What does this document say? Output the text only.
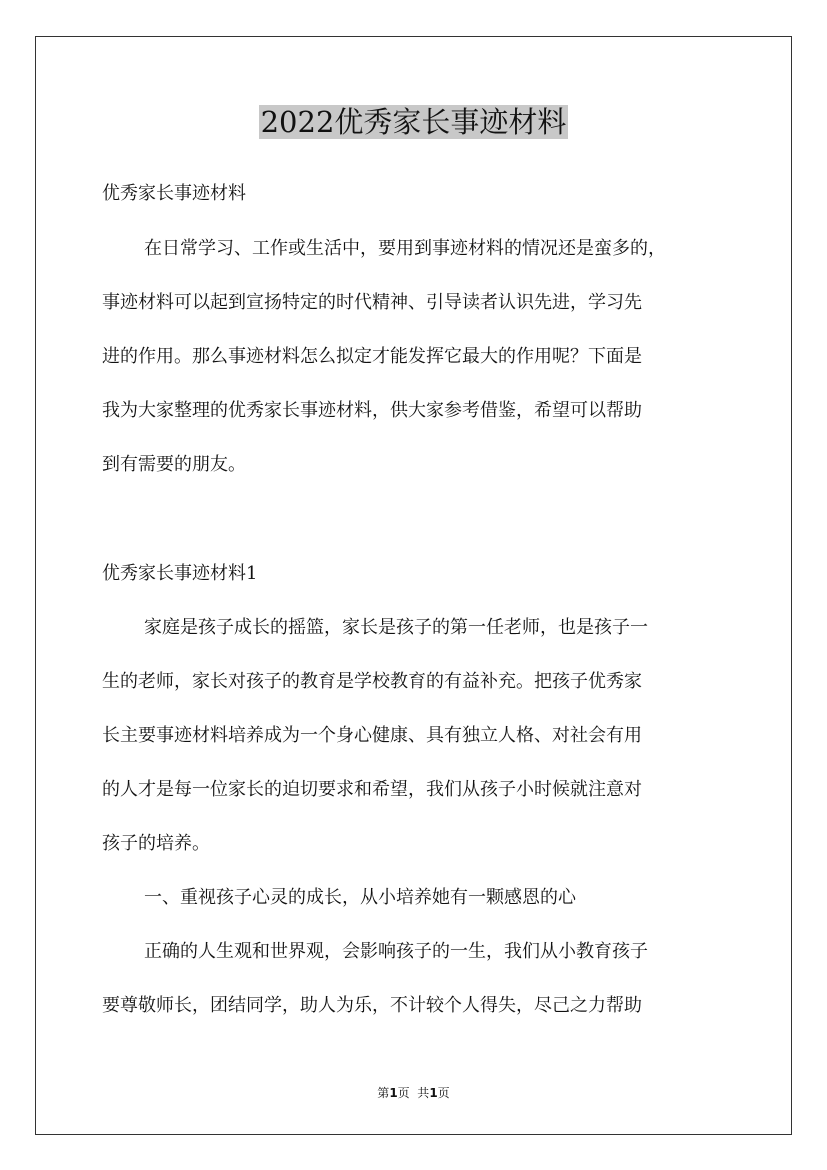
2022优秀家长事迹材料

优秀家长事迹材料

在日常学习、工作或生活中，要用到事迹材料的情况还是蛮多的，

事迹材料可以起到宣扬特定的时代精神、引导读者认识先进，学习先

进的作用。那么事迹材料怎么拟定才能发挥它最大的作用呢？下面是

我为大家整理的优秀家长事迹材料，供大家参考借鉴，希望可以帮助

到有需要的朋友。

优秀家长事迹材料1

家庭是孩子成长的摇篮，家长是孩子的第一任老师，也是孩子一

生的老师，家长对孩子的教育是学校教育的有益补充。把孩子优秀家

长主要事迹材料培养成为一个身心健康、具有独立人格、对社会有用

的人才是每一位家长的迫切要求和希望，我们从孩子小时候就注意对

孩子的培养。

一、重视孩子心灵的成长，从小培养她有一颗感恩的心

正确的人生观和世界观，会影响孩子的一生，我们从小教育孩子

要尊敬师长，团结同学，助人为乐，不计较个人得失，尽己之力帮助

第1页  共1页
